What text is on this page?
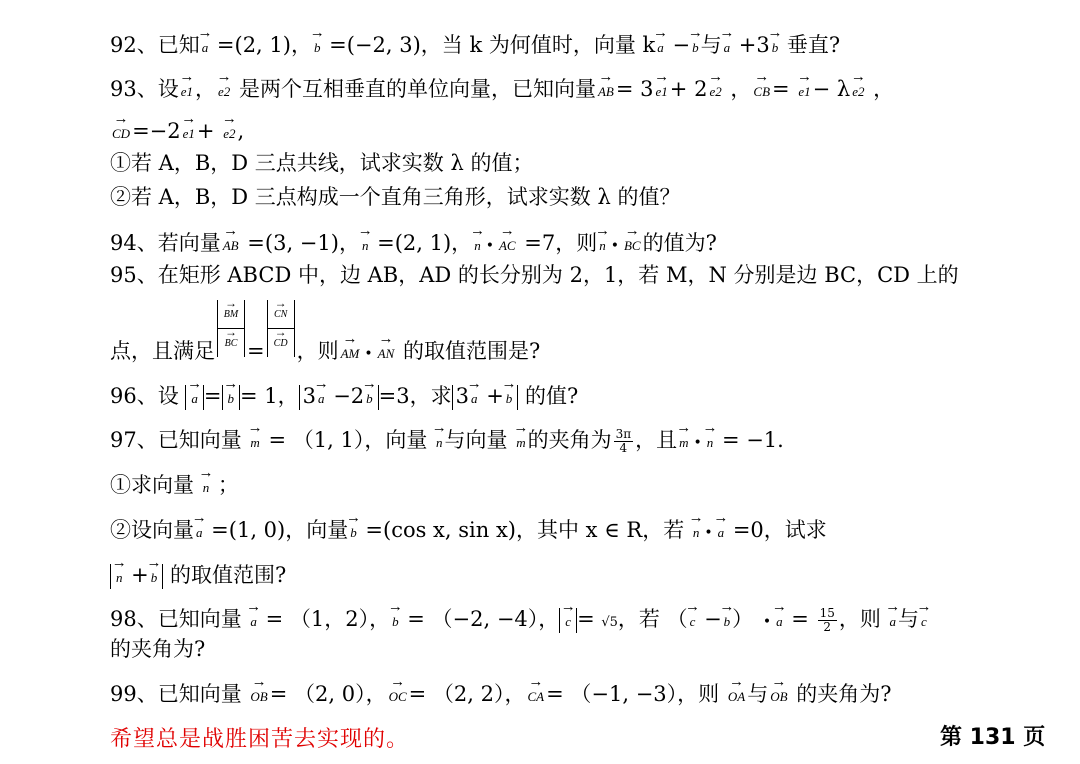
92、已知 → a =(2, 1)， → b =(−2, 3)，当 k 为何值时，向量 k → a − → b与 → a +3 → b 垂直?
93、设 → e1， → e2 是两个互相垂直的单位向量，已知向量 → AB= 3 → e1+ 2 → e2 ， → CB= → e1− λ → e2 ，
→ CD=−2 → e1+ → e2,
①若 A，B，D 三点共线，试求实数 λ 的值；
②若 A，B，D 三点构成一个直角三角形，试求实数 λ 的值？
94、若向量 → AB =(3, −1)， → n =(2, 1)， → n • → AC =7，则 → n • → BC的值为?
95、在矩形 ABCD 中，边 AB，AD 的长分别为 2，1，若 M，N 分别是边 BC，CD 上的
点，且满足 → BM
→ BC = → CN
→ CD ，则 → AM • → AN 的取值范围是?
96、设 → a = → b = 1， 3 → a −2 → b =3，求 3 → a + → b 的值?
97、已知向量 → m = （1, 1），向量 → n与向量 → m的夹角为 $\frac{3\pi}{4}$ ，且 → m • → n = −1.
①求向量 → n ；
②设向量 → a =(1, 0)，向量 → b =(cos x, sin x)，其中 x ∈ R，若 → n • → a =0，试求
→ n + → b 的取值范围?
98、已知向量 → a = （1，2）， → b = （−2, −4）， → c = √5，若 （ → c − → b） • → $a = \frac{15}{2}$ ，则 → a与 → c
的夹角为?
99、已知向量 → OB= （2, 0）， → OC= （2, 2）， → CA= （−1, −3），则 → OA与 → OB 的夹角为?
希望总是战胜困苦去实现的。	第 131 页
